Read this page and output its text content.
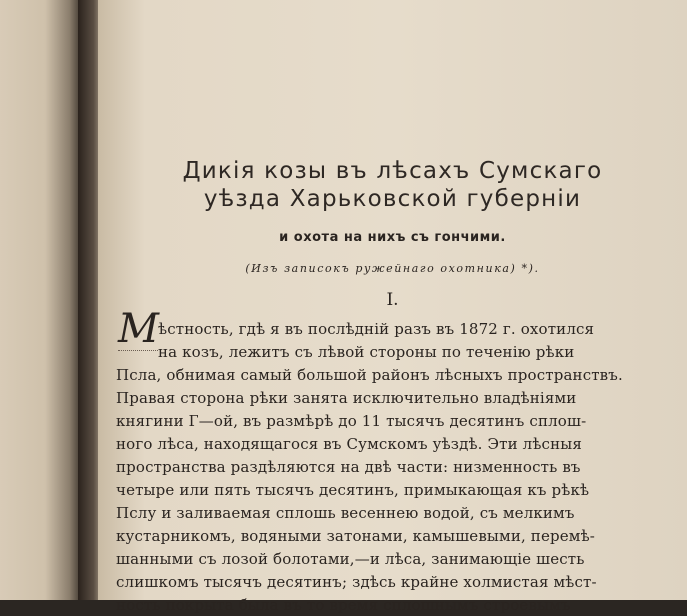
Дикія козы въ лѣсахъ Сумскаго
уѣзда Харьковской губерніи
и охота на нихъ съ гончими.
(Изъ записокъ ружейнаго охотника) *).
I.
М ѣстность, гдѣ я въ послѣдній разъ въ 1872 г. охотился
на козъ, лежитъ съ лѣвой стороны по теченію рѣки
Псла, обнимая самый большой районъ лѣсныхъ пространствъ.
Правая сторона рѣки занята исключительно владѣніями
княгини Г—ой, въ размѣрѣ до 11 тысячъ десятинъ сплош-
ного лѣса, находящагося въ Сумскомъ уѣздѣ. Эти лѣсныя
пространства раздѣляются на двѣ части: низменность въ
четыре или пять тысячъ десятинъ, примыкающая къ рѣкѣ
Пслу и заливаемая сплошь весеннею водой, съ мелкимъ
кустарникомъ, водяными затонами, камышевыми, перемѣ-
шанными съ лозой болотами,—и лѣса, занимающіе шесть
слишкомъ тысячъ десятинъ; здѣсь крайне холмистая мѣст-
ность покрыта была въ то время сплошнымъ строевымъ
